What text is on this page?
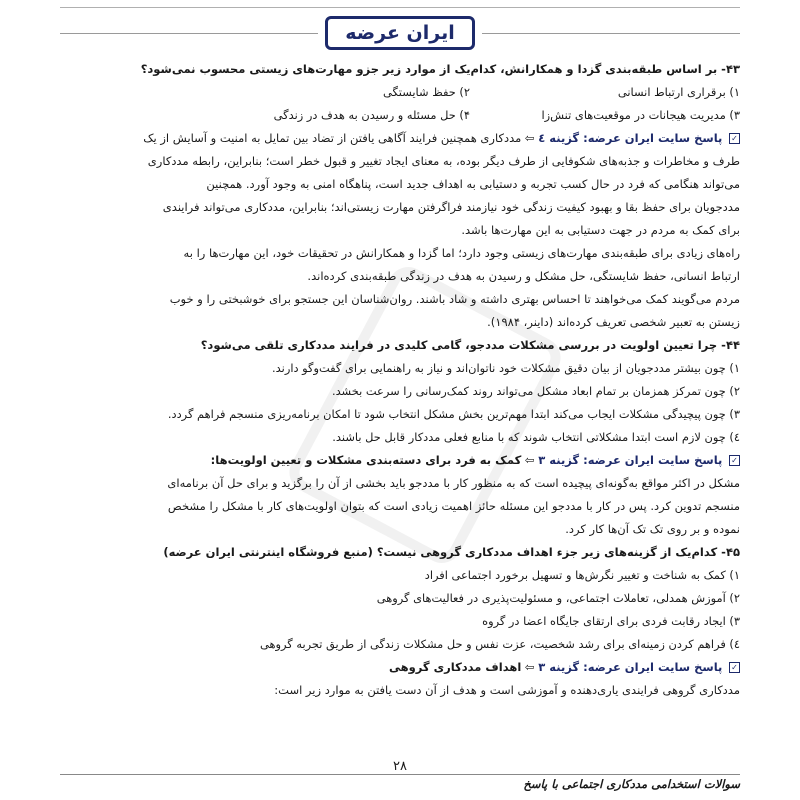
ایران عرضه

۴۳- بر اساس طبقه‌بندی گزدا و همکارانش، کدام‌یک از موارد زیر جزو مهارت‌های زیستی محسوب نمی‌شود؟

۱) برقراری ارتباط انسانی
۲) حفظ شایستگی
۳) مدیریت هیجانات در موقعیت‌های تنش‌زا
۴) حل مسئله و رسیدن به هدف در زندگی

✓ پاسخ سایت ایران عرضه: گزینه ٤ ⇦ مددکاری همچنین فرایند آگاهی یافتن از تضاد بین تمایل به امنیت و آسایش از یک

طرف و مخاطرات و جذبه‌های شکوفایی از طرف دیگر بوده، به معنای ایجاد تغییر و قبول خطر است؛ بنابراین، رابطه مددکاری

می‌تواند هنگامی که فرد در حال کسب تجربه و دستیابی به اهداف جدید است، پناهگاه امنی به وجود آورد. همچنین

مددجویان برای حفظ بقا و بهبود کیفیت زندگی خود نیازمند فراگرفتن مهارت زیستی‌اند؛ بنابراین، مددکاری می‌تواند فرایندی

برای کمک به مردم در جهت دستیابی به این مهارت‌ها باشد.

راه‌های زیادی برای طبقه‌بندی مهارت‌های زیستی وجود دارد؛ اما گزدا و همکارانش در تحقیقات خود، این مهارت‌ها را به

ارتباط انسانی، حفظ شایستگی، حل مشکل و رسیدن به هدف در زندگی طبقه‌بندی کرده‌اند.

مردم می‌گویند کمک می‌خواهند تا احساس بهتری داشته و شاد باشند. روان‌شناسان این جستجو برای خوشبختی را و خوب

زیستن به تعبیر شخصی تعریف کرده‌اند (داینر، ۱۹۸۴).

۴۴- چرا تعیین اولویت در بررسی مشکلات مددجو، گامی کلیدی در فرایند مددکاری تلقی می‌شود؟

۱) چون بیشتر مددجویان از بیان دقیق مشکلات خود ناتوان‌اند و نیاز به راهنمایی برای گفت‌وگو دارند.

۲) چون تمرکز همزمان بر تمام ابعاد مشکل می‌تواند روند کمک‌رسانی را سرعت بخشد.

۳) چون پیچیدگی مشکلات ایجاب می‌کند ابتدا مهم‌ترین بخش مشکل انتخاب شود تا امکان برنامه‌ریزی منسجم فراهم گردد.

٤) چون لازم است ابتدا مشکلاتی انتخاب شوند که با منابع فعلی مددکار قابل حل باشند.

✓ پاسخ سایت ایران عرضه: گزینه ۳ ⇦ کمک به فرد برای دسته‌بندی مشکلات و تعیین اولویت‌ها:

مشکل در اکثر مواقع به‌گونه‌ای پیچیده است که به منظور کار با مددجو باید بخشی از آن را برگزید و برای حل آن برنامه‌ای

منسجم تدوین کرد. پس در کار با مددجو این مسئله حائز اهمیت زیادی است که بتوان اولویت‌های کار با مشکل را مشخص

نموده و بر روی تک تک آن‌ها کار کرد.

۴۵- کدام‌یک از گزینه‌های زیر جزء اهداف مددکاری گروهی نیست؟ (منبع فروشگاه اینترنتی ایران عرضه)

۱) کمک به شناخت و تغییر نگرش‌ها و تسهیل برخورد اجتماعی افراد

۲) آموزش همدلی، تعاملات اجتماعی، و مسئولیت‌پذیری در فعالیت‌های گروهی

۳) ایجاد رقابت فردی برای ارتقای جایگاه اعضا در گروه

٤) فراهم کردن زمینه‌ای برای رشد شخصیت، عزت نفس و حل مشکلات زندگی از طریق تجربه گروهی

✓ پاسخ سایت ایران عرضه: گزینه ۳ ⇦ اهداف مددکاری گروهی

مددکاری گروهی فرایندی یاری‌دهنده و آموزشی است و هدف از آن دست یافتن به موارد زیر است:

۲۸
سوالات استخدامی مددکاری اجتماعی با پاسخ
